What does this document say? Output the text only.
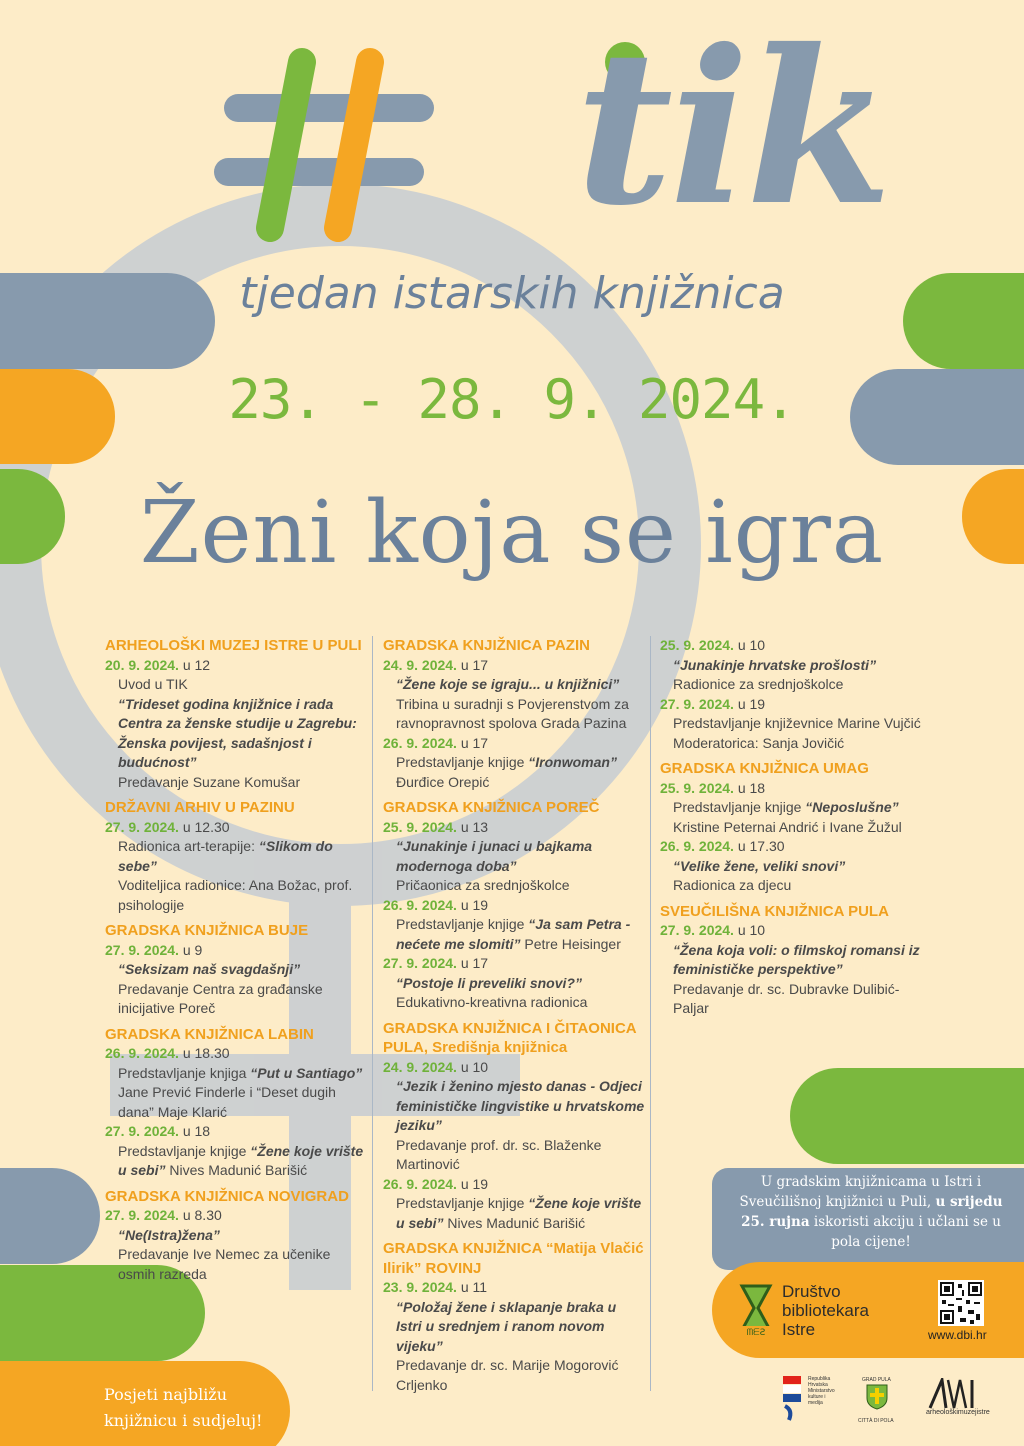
tik
tjedan istarskih knjižnica
23. - 28. 9. 2024.
Ženi koja se igra
ARHEOLOŠKI MUZEJ ISTRE U PULI
20. 9. 2024. u 12
Uvod u TIK
“Trideset godina knjižnice i rada Centra za ženske studije u Zagrebu: Ženska povijest, sadašnjost i budućnost”
Predavanje Suzane Komušar
DRŽAVNI ARHIV U PAZINU
27. 9. 2024. u 12.30
Radionica art-terapije: “Slikom do sebe”
Voditeljica radionice: Ana Božac, prof. psihologije
GRADSKA KNJIŽNICA BUJE
27. 9. 2024. u 9
“Seksizam naš svagdašnji”
Predavanje Centra za građanske inicijative Poreč
GRADSKA KNJIŽNICA LABIN
26. 9. 2024. u 18.30
Predstavljanje knjiga “Put u Santiago”
Jane Prević Finderle i “Deset dugih dana” Maje Klarić
27. 9. 2024. u 18
Predstavljanje knjige “Žene koje vrište u sebi” Nives Madunić Barišić
GRADSKA KNJIŽNICA NOVIGRAD
27. 9. 2024. u 8.30
“Ne(Istra)žena”
Predavanje Ive Nemec za učenike osmih razreda
GRADSKA KNJIŽNICA PAZIN
24. 9. 2024. u 17
“Žene koje se igraju... u knjižnici”
Tribina u suradnji s Povjerenstvom za ravnopravnost spolova Grada Pazina
26. 9. 2024. u 17
Predstavljanje knjige “Ironwoman” Đurđice Orepić
GRADSKA KNJIŽNICA POREČ
25. 9. 2024. u 13
“Junakinje i junaci u bajkama modernoga doba”
Pričaonica za srednjoškolce
26. 9. 2024. u 19
Predstavljanje knjige “Ja sam Petra - nećete me slomiti” Petre Heisinger
27. 9. 2024. u 17
“Postoje li preveliki snovi?”
Edukativno-kreativna radionica
GRADSKA KNJIŽNICA I ČITAONICA PULA, Središnja knjižnica
24. 9. 2024. u 10
“Jezik i ženino mjesto danas - Odjeci feminističke lingvistike u hrvatskome jeziku”
Predavanje prof. dr. sc. Blaženke Martinović
26. 9. 2024. u 19
Predstavljanje knjige “Žene koje vrište u sebi” Nives Madunić Barišić
GRADSKA KNJIŽNICA “Matija Vlačić Ilirik” ROVINJ
23. 9. 2024. u 11
“Položaj žene i sklapanje braka u Istri u srednjem i ranom novom vijeku”
Predavanje dr. sc. Marije Mogorović Crljenko
25. 9. 2024. u 10
“Junakinje hrvatske prošlosti”
Radionice za srednjoškolce
27. 9. 2024. u 19
Predstavljanje književnice Marine Vujčić
Moderatorica: Sanja Jovičić
GRADSKA KNJIŽNICA UMAG
25. 9. 2024. u 18
Predstavljanje knjige “Neposlušne”
Kristine Peternai Andrić i Ivane Žužul
26. 9. 2024. u 17.30
“Velike žene, veliki snovi”
Radionica za djecu
SVEUČILIŠNA KNJIŽNICA PULA
27. 9. 2024. u 10
“Žena koja voli: o filmskoj romansi iz feminističke perspektive”
Predavanje dr. sc. Dubravke Dulibić-Paljar
U gradskim knjižnicama u Istri i Sveučilišnoj knjižnici u Puli, u srijedu 25. rujna iskoristi akciju i učlani se u pola cijene!
ᗰᗴꙄ
Društvo
bibliotekara
Istre	www.dbi.hr
Posjeti najbližu
knjižnicu i sudjeluj!
Republika Hrvatska Ministarstvo kulture i medija
GRAD PULA
CITTÀ DI POLA
arheološkimuzejistre
